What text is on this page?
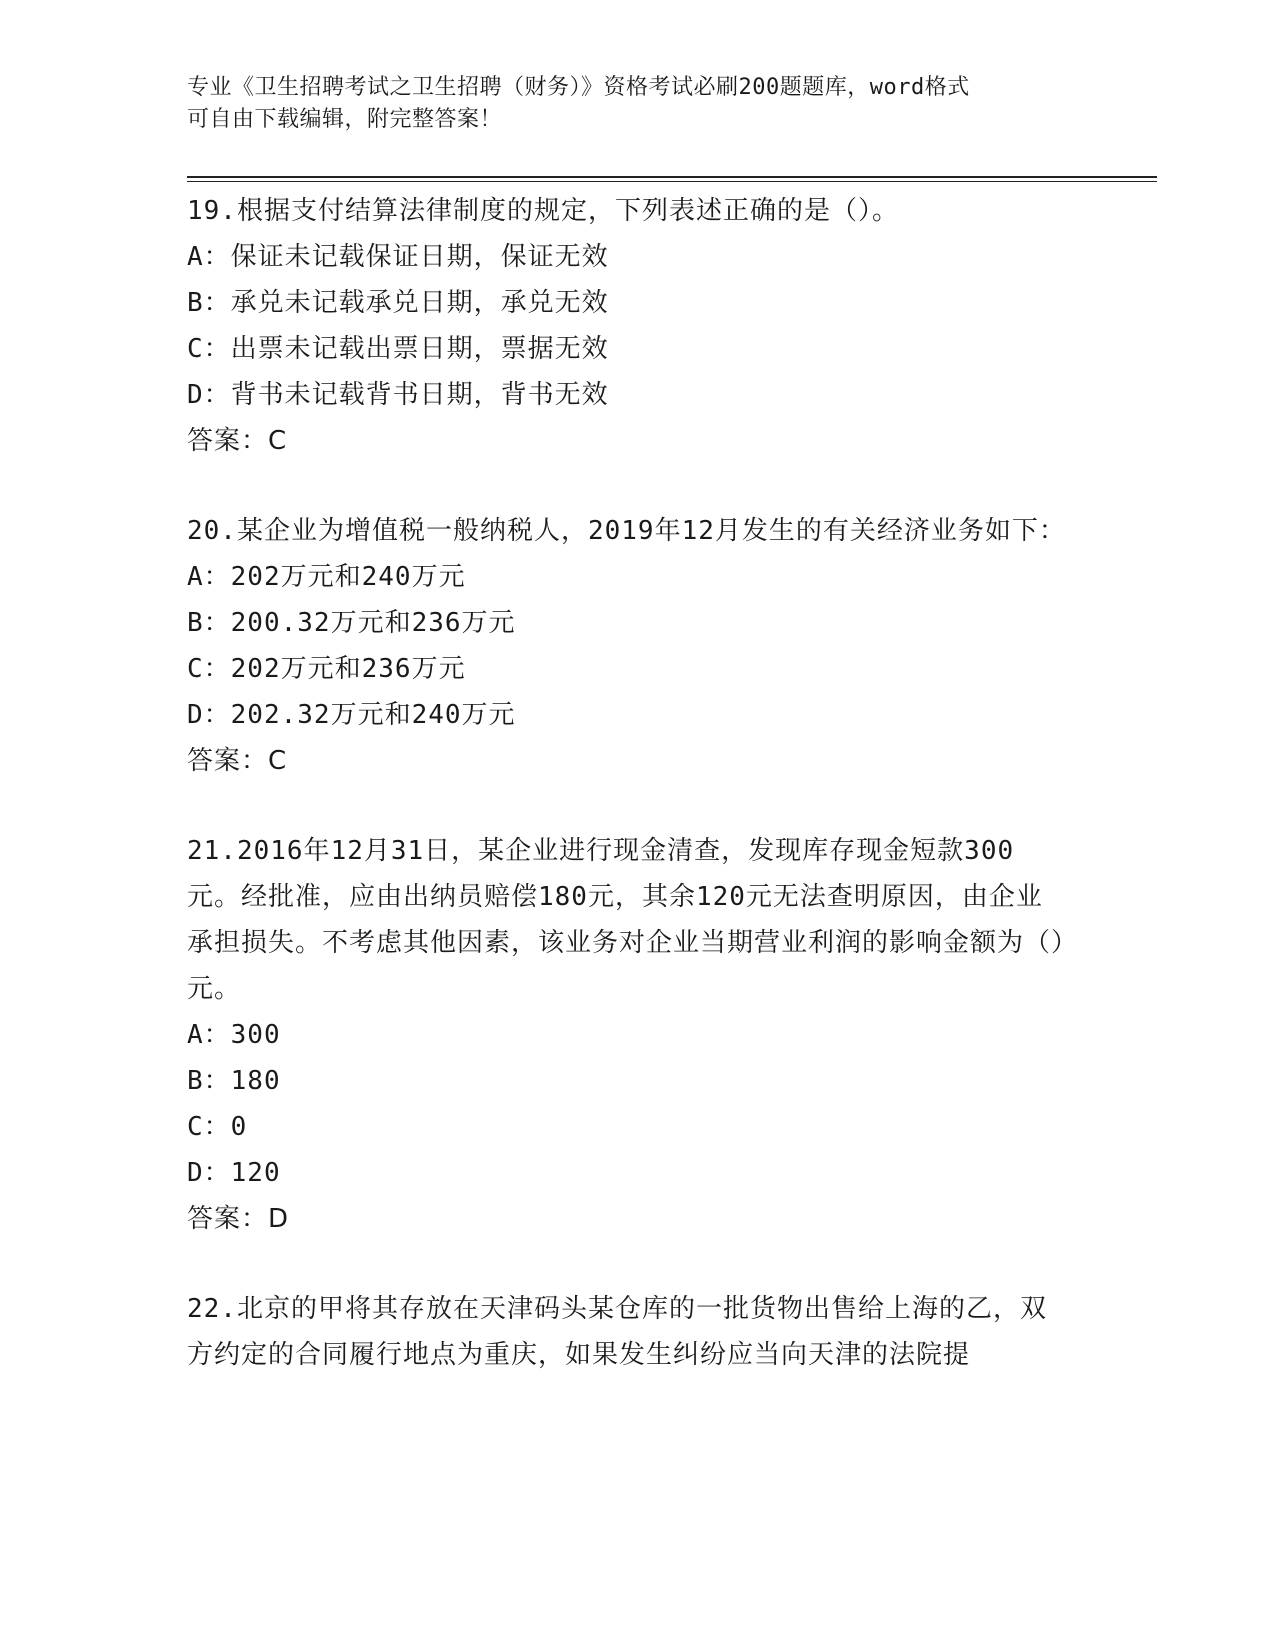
专业《卫生招聘考试之卫生招聘（财务）》资格考试必刷200题题库，word格式
可自由下载编辑，附完整答案！

19.根据支付结算法律制度的规定，下列表述正确的是（）。

A：保证未记载保证日期，保证无效

B：承兑未记载承兑日期，承兑无效

C：出票未记载出票日期，票据无效

D：背书未记载背书日期，背书无效

答案：C

20.某企业为增值税一般纳税人，2019年12月发生的有关经济业务如下：

A：202万元和240万元

B：200.32万元和236万元

C：202万元和236万元

D：202.32万元和240万元

答案：C

21.2016年12月31日，某企业进行现金清查，发现库存现金短款300元。经批准，应由出纳员赔偿180元，其余120元无法查明原因，由企业承担损失。不考虑其他因素，该业务对企业当期营业利润的影响金额为（）元。

A：300

B：180

C：0

D：120

答案：D

22.北京的甲将其存放在天津码头某仓库的一批货物出售给上海的乙，双方约定的合同履行地点为重庆，如果发生纠纷应当向天津的法院提
